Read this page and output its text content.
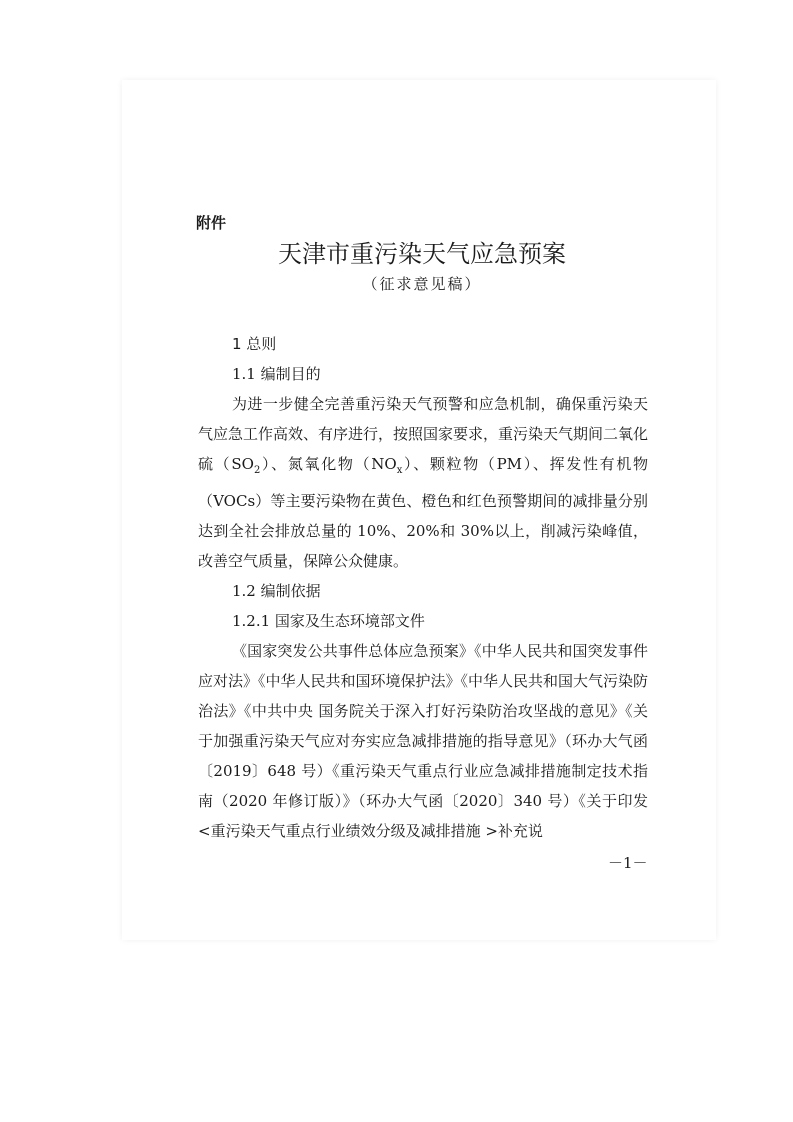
附件
天津市重污染天气应急预案
（征求意见稿）

1 总则

1.1 编制目的

为进一步健全完善重污染天气预警和应急机制，确保重污染天气应急工作高效、有序进行，按照国家要求，重污染天气期间二氧化硫$(SO_2)$、氮氧化物$(NO_x)$、颗粒物（PM）、挥发性有机物（VOCs）等主要污染物在黄色、橙色和红色预警期间的减排量分别达到全社会排放总量的 10%、20%和 30%以上，削减污染峰值，改善空气质量，保障公众健康。

1.2 编制依据

1.2.1 国家及生态环境部文件

《国家突发公共事件总体应急预案》《中华人民共和国突发事件应对法》《中华人民共和国环境保护法》《中华人民共和国大气污染防治法》《中共中央 国务院关于深入打好污染防治攻坚战的意见》《关于加强重污染天气应对夯实应急减排措施的指导意见》（环办大气函〔2019〕648 号）《重污染天气重点行业应急减排措施制定技术指南（2020 年修订版）》（环办大气函〔2020〕340 号）《关于印发 <重污染天气重点行业绩效分级及减排措施 >补充说

－1－
